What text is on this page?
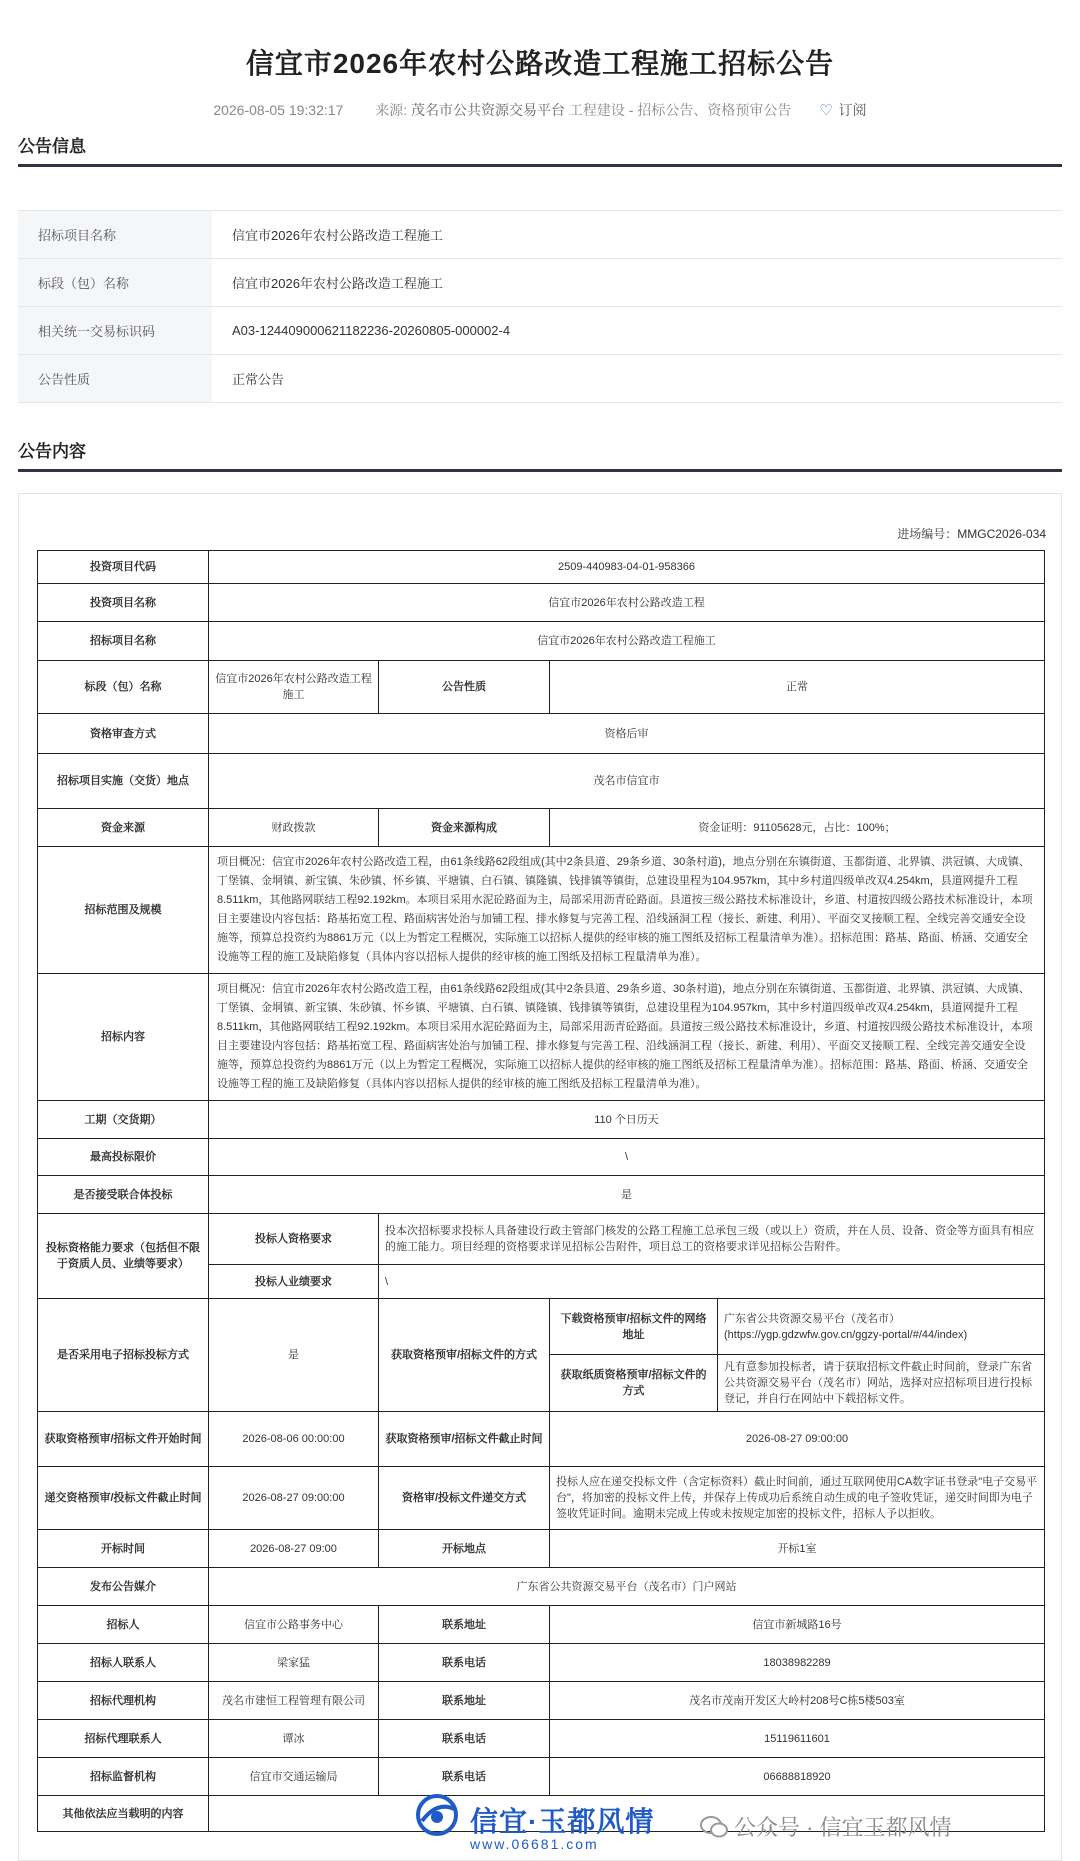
信宜市2026年农村公路改造工程施工招标公告
2026-08-05 19:32:17 来源: 茂名市公共资源交易平台 工程建设 - 招标公告、资格预审公告 ♡ 订阅
公告信息
招标项目名称	信宜市2026年农村公路改造工程施工
标段（包）名称	信宜市2026年农村公路改造工程施工
相关统一交易标识码	A03-124409000621182236-20260805-000002-4
公告性质	正常公告
公告内容
进场编号：MMGC2026-034
投资项目代码	2509-440983-04-01-958366			
投资项目名称	信宜市2026年农村公路改造工程			
招标项目名称	信宜市2026年农村公路改造工程施工			
标段（包）名称	信宜市2026年农村公路改造工程施工	公告性质	正常	
资格审查方式	资格后审			
招标项目实施（交货）地点	茂名市信宜市			
资金来源	财政拨款	资金来源构成	资金证明：91105628元，占比：100%；	
招标范围及规模	项目概况：信宜市2026年农村公路改造工程，由61条线路62段组成(其中2条县道、29条乡道、30条村道)，地点分别在东镇街道、玉都街道、北界镇、洪冠镇、大成镇、丁堡镇、金垌镇、新宝镇、朱砂镇、怀乡镇、平塘镇、白石镇、镇隆镇、钱排镇等镇街，总建设里程为104.957km，其中乡村道四级单改双4.254km，县道网提升工程8.511km，其他路网联结工程92.192km。本项目采用水泥砼路面为主，局部采用沥青砼路面。县道按三级公路技术标准设计，乡道、村道按四级公路技术标准设计，本项目主要建设内容包括：路基拓宽工程、路面病害处治与加铺工程、排水修复与完善工程、沿线涵洞工程（接长、新建、利用）、平面交叉接顺工程、全线完善交通安全设施等，预算总投资约为8861万元（以上为暂定工程概况，实际施工以招标人提供的经审核的施工图纸及招标工程量清单为准）。招标范围：路基、路面、桥涵、交通安全设施等工程的施工及缺陷修复（具体内容以招标人提供的经审核的施工图纸及招标工程量清单为准）。			
招标内容	项目概况：信宜市2026年农村公路改造工程，由61条线路62段组成(其中2条县道、29条乡道、30条村道)，地点分别在东镇街道、玉都街道、北界镇、洪冠镇、大成镇、丁堡镇、金垌镇、新宝镇、朱砂镇、怀乡镇、平塘镇、白石镇、镇隆镇、钱排镇等镇街，总建设里程为104.957km，其中乡村道四级单改双4.254km，县道网提升工程8.511km，其他路网联结工程92.192km。本项目采用水泥砼路面为主，局部采用沥青砼路面。县道按三级公路技术标准设计，乡道、村道按四级公路技术标准设计，本项目主要建设内容包括：路基拓宽工程、路面病害处治与加铺工程、排水修复与完善工程、沿线涵洞工程（接长、新建、利用）、平面交叉接顺工程、全线完善交通安全设施等，预算总投资约为8861万元（以上为暂定工程概况，实际施工以招标人提供的经审核的施工图纸及招标工程量清单为准）。招标范围：路基、路面、桥涵、交通安全设施等工程的施工及缺陷修复（具体内容以招标人提供的经审核的施工图纸及招标工程量清单为准）。			
工期（交货期）	110 个日历天			
最高投标限价	\			
是否接受联合体投标	是			
投标资格能力要求（包括但不限于资质人员、业绩等要求）	投标人资格要求	投本次招标要求投标人具备建设行政主管部门核发的公路工程施工总承包三级（或以上）资质，并在人员、设备、资金等方面具有相应的施工能力。项目经理的资格要求详见招标公告附件，项目总工的资格要求详见招标公告附件。		
	投标人业绩要求	\		
是否采用电子招标投标方式	是	获取资格预审/招标文件的方式	下载资格预审/招标文件的网络地址	广东省公共资源交易平台（茂名市）(https://ygp.gdzwfw.gov.cn/ggzy-portal/#/44/index)
			获取纸质资格预审/招标文件的方式	凡有意参加投标者，请于获取招标文件截止时间前，登录广东省公共资源交易平台（茂名市）网站，选择对应招标项目进行投标登记，并自行在网站中下载招标文件。
获取资格预审/招标文件开始时间	2026-08-06 00:00:00	获取资格预审/招标文件截止时间	2026-08-27 09:00:00	
递交资格预审/投标文件截止时间	2026-08-27 09:00:00	资格审/投标文件递交方式	投标人应在递交投标文件（含定标资料）截止时间前，通过互联网使用CA数字证书登录"电子交易平台"，将加密的投标文件上传，并保存上传成功后系统自动生成的电子签收凭证，递交时间即为电子签收凭证时间。逾期未完成上传或未按规定加密的投标文件，招标人予以拒收。	
开标时间	2026-08-27 09:00	开标地点	开标1室	
发布公告媒介	广东省公共资源交易平台（茂名市）门户网站			
招标人	信宜市公路事务中心	联系地址	信宜市新城路16号	
招标人联系人	梁家猛	联系电话	18038982289	
招标代理机构	茂名市建恒工程管理有限公司	联系地址	茂名市茂南开发区大岭村208号C栋5楼503室	
招标代理联系人	谭冰	联系电话	15119611601	
招标监督机构	信宜市交通运输局	联系电话	06688818920	
其他依法应当载明的内容					信宜·玉都风情
www.06681.com
公众号 · 信宜玉都风情
